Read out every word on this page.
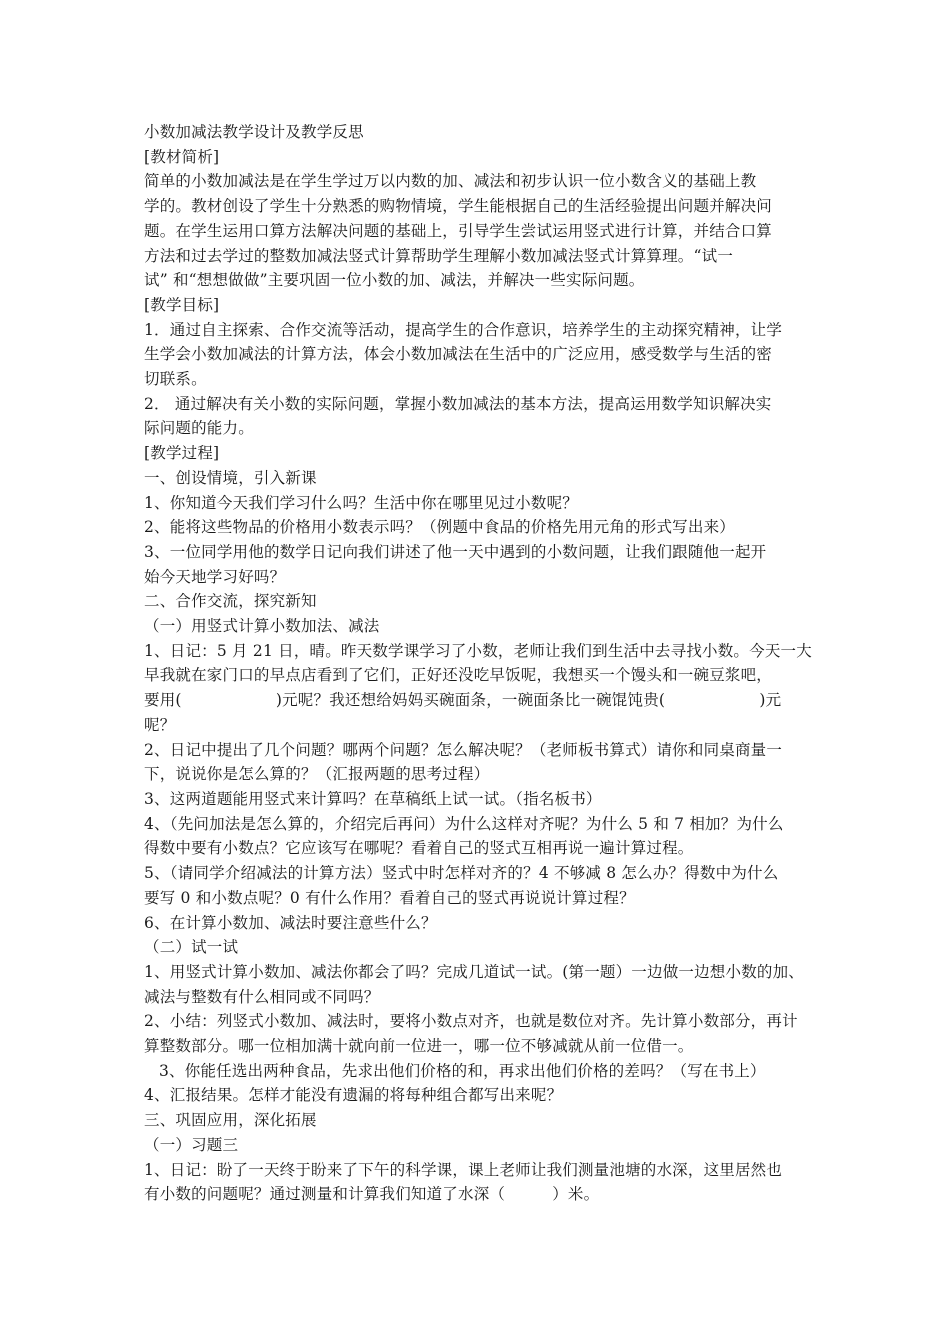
小数加减法教学设计及教学反思
[教材简析]
简单的小数加减法是在学生学过万以内数的加、减法和初步认识一位小数含义的基础上教
学的。教材创设了学生十分熟悉的购物情境，学生能根据自己的生活经验提出问题并解决问
题。在学生运用口算方法解决问题的基础上，引导学生尝试运用竖式进行计算，并结合口算
方法和过去学过的整数加减法竖式计算帮助学生理解小数加减法竖式计算算理。“试一
试” 和“想想做做”主要巩固一位小数的加、减法，并解决一些实际问题。
[教学目标]
1．通过自主探索、合作交流等活动，提高学生的合作意识，培养学生的主动探究精神，让学
生学会小数加减法的计算方法，体会小数加减法在生活中的广泛应用，感受数学与生活的密
切联系。
2． 通过解决有关小数的实际问题，掌握小数加减法的基本方法，提高运用数学知识解决实
际问题的能力。
[教学过程]
一、创设情境，引入新课
1、你知道今天我们学习什么吗？生活中你在哪里见过小数呢？
2、能将这些物品的价格用小数表示吗？（例题中食品的价格先用元角的形式写出来）
3、一位同学用他的数学日记向我们讲述了他一天中遇到的小数问题，让我们跟随他一起开
始今天地学习好吗？
二、合作交流，探究新知
（一）用竖式计算小数加法、减法
1、日记：5 月 21 日，晴。昨天数学课学习了小数，老师让我们到生活中去寻找小数。今天一大
早我就在家门口的早点店看到了它们，正好还没吃早饭呢，我想买一个馒头和一碗豆浆吧，
要用(　　　　　　)元呢？我还想给妈妈买碗面条，一碗面条比一碗馄饨贵(　　　　　　)元
呢？
2、日记中提出了几个问题？哪两个问题？怎么解决呢？（老师板书算式）请你和同桌商量一
下，说说你是怎么算的？（汇报两题的思考过程）
3、这两道题能用竖式来计算吗？在草稿纸上试一试。（指名板书）
4、（先问加法是怎么算的，介绍完后再问）为什么这样对齐呢？为什么 5 和 7 相加？为什么
得数中要有小数点？它应该写在哪呢？看着自己的竖式互相再说一遍计算过程。
5、（请同学介绍减法的计算方法）竖式中时怎样对齐的？4 不够减 8 怎么办？得数中为什么
要写 0 和小数点呢？0 有什么作用？看着自己的竖式再说说计算过程？
6、在计算小数加、减法时要注意些什么？
（二）试一试
1、用竖式计算小数加、减法你都会了吗？完成几道试一试。(第一题）一边做一边想小数的加、
减法与整数有什么相同或不同吗？
2、小结：列竖式小数加、减法时，要将小数点对齐，也就是数位对齐。先计算小数部分，再计
算整数部分。哪一位相加满十就向前一位进一，哪一位不够减就从前一位借一。
3、你能任选出两种食品，先求出他们价格的和，再求出他们价格的差吗？（写在书上）
4、汇报结果。怎样才能没有遗漏的将每种组合都写出来呢？
三、巩固应用，深化拓展
（一）习题三
1、日记：盼了一天终于盼来了下午的科学课，课上老师让我们测量池塘的水深，这里居然也
有小数的问题呢？通过测量和计算我们知道了水深（　　　）米。
